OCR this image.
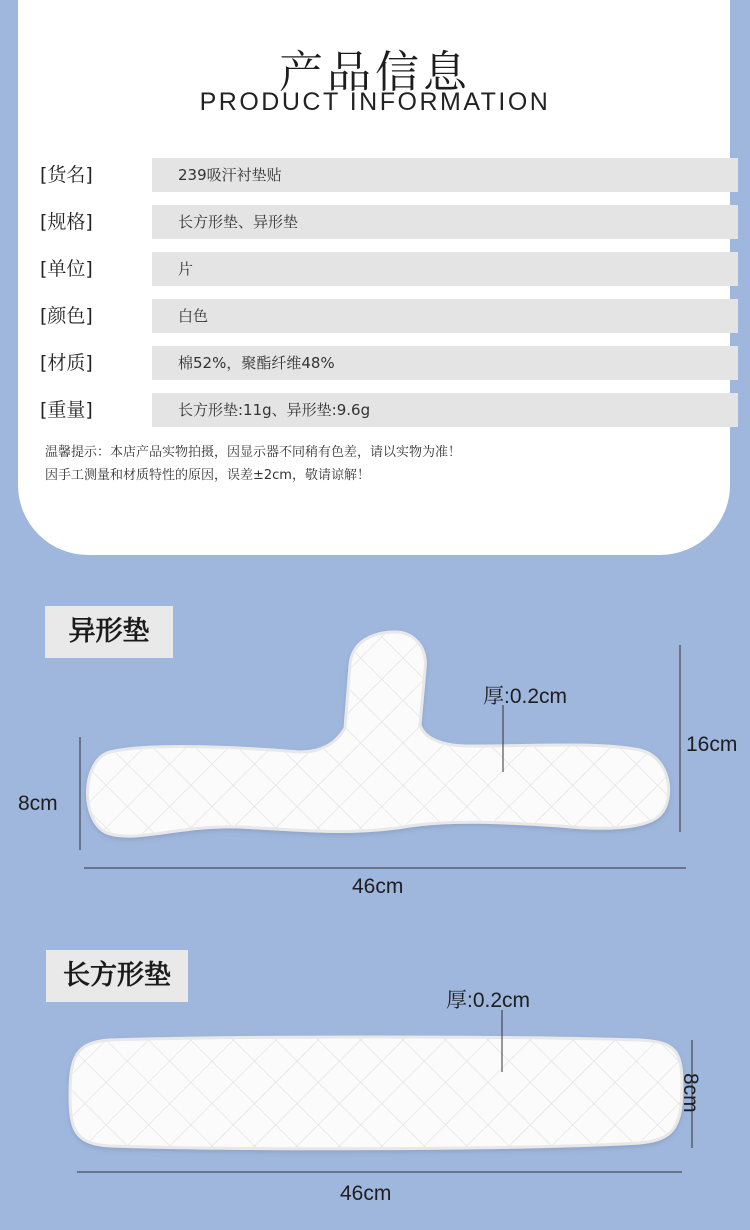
产品信息
PRODUCT INFORMATION
[货名]	239吸汗衬垫贴
[规格]	长方形垫、异形垫
[单位]	片
[颜色]	白色
[材质]	棉52%，聚酯纤维48%
[重量]	长方形垫:11g、异形垫:9.6g
温馨提示：本店产品实物拍摄，因显示器不同稍有色差，请以实物为准！
因手工测量和材质特性的原因，误差±2cm，敬请谅解！
异形垫
厚:0.2cm
16cm
8cm
46cm
长方形垫
厚:0.2cm
8cm
46cm
